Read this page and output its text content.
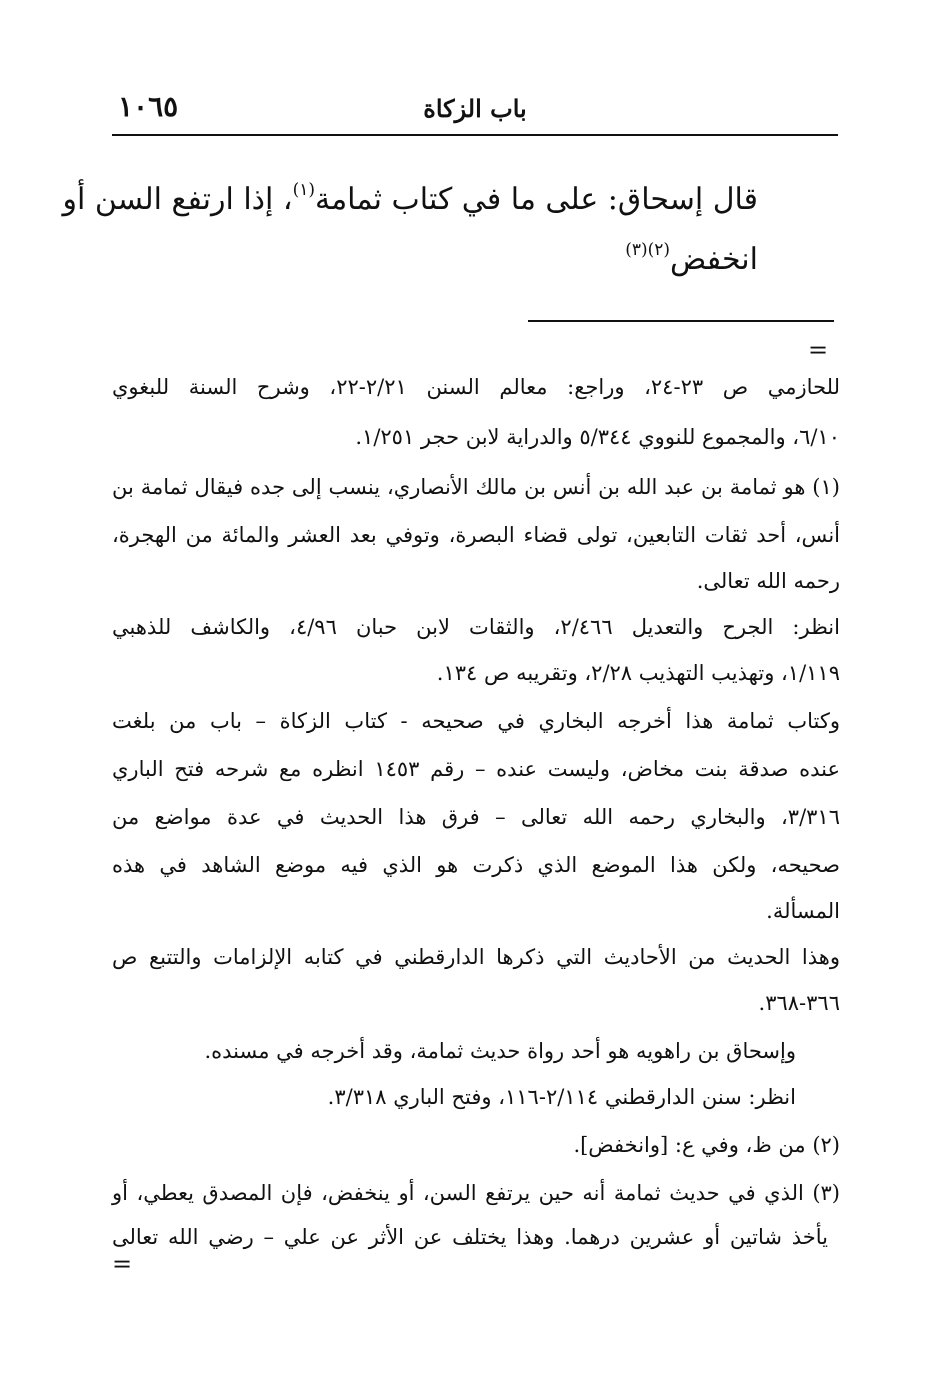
١٠٦٥	باب الزكاة
قال إسحاق: على ما في كتاب ثمامة$^{(١)}$، إذا ارتفع السن أو
انخفض$^{(٢)(٣)}$
=
للحازمي ص ٢٣-٢٤، وراجع: معالم السنن ٢/٢١-٢٢، وشرح السنة للبغوي
٦/١٠، والمجموع للنووي ٥/٣٤٤ والدراية لابن حجر ١/٢٥١.
(١) هو ثمامة بن عبد الله بن أنس بن مالك الأنصاري، ينسب إلى جده فيقال ثمامة بن
أنس، أحد ثقات التابعين، تولى قضاء البصرة، وتوفي بعد العشر والمائة من الهجرة،
رحمه الله تعالى.
انظر: الجرح والتعديل ٢/٤٦٦، والثقات لابن حبان ٤/٩٦، والكاشف للذهبي
١/١١٩، وتهذيب التهذيب ٢/٢٨، وتقريبه ص ١٣٤.
وكتاب ثمامة هذا أخرجه البخاري في صحيحه - كتاب الزكاة – باب من بلغت
عنده صدقة بنت مخاض، وليست عنده – رقم ١٤٥٣ انظره مع شرحه فتح الباري
٣/٣١٦، والبخاري رحمه الله تعالى – فرق هذا الحديث في عدة مواضع من
صحيحه، ولكن هذا الموضع الذي ذكرت هو الذي فيه موضع الشاهد في هذه
المسألة.
وهذا الحديث من الأحاديث التي ذكرها الدارقطني في كتابه الإلزامات والتتبع ص
٣٦٦-٣٦٨.
وإسحاق بن راهويه هو أحد رواة حديث ثمامة، وقد أخرجه في مسنده.
انظر: سنن الدارقطني ٢/١١٤-١١٦، وفتح الباري ٣/٣١٨.
(٢) من ظ، وفي ع: [وانخفض].
(٣) الذي في حديث ثمامة أنه حين يرتفع السن، أو ينخفض، فإن المصدق يعطي، أو
يأخذ شاتين أو عشرين درهما. وهذا يختلف عن الأثر عن علي – رضي الله تعالى
=
